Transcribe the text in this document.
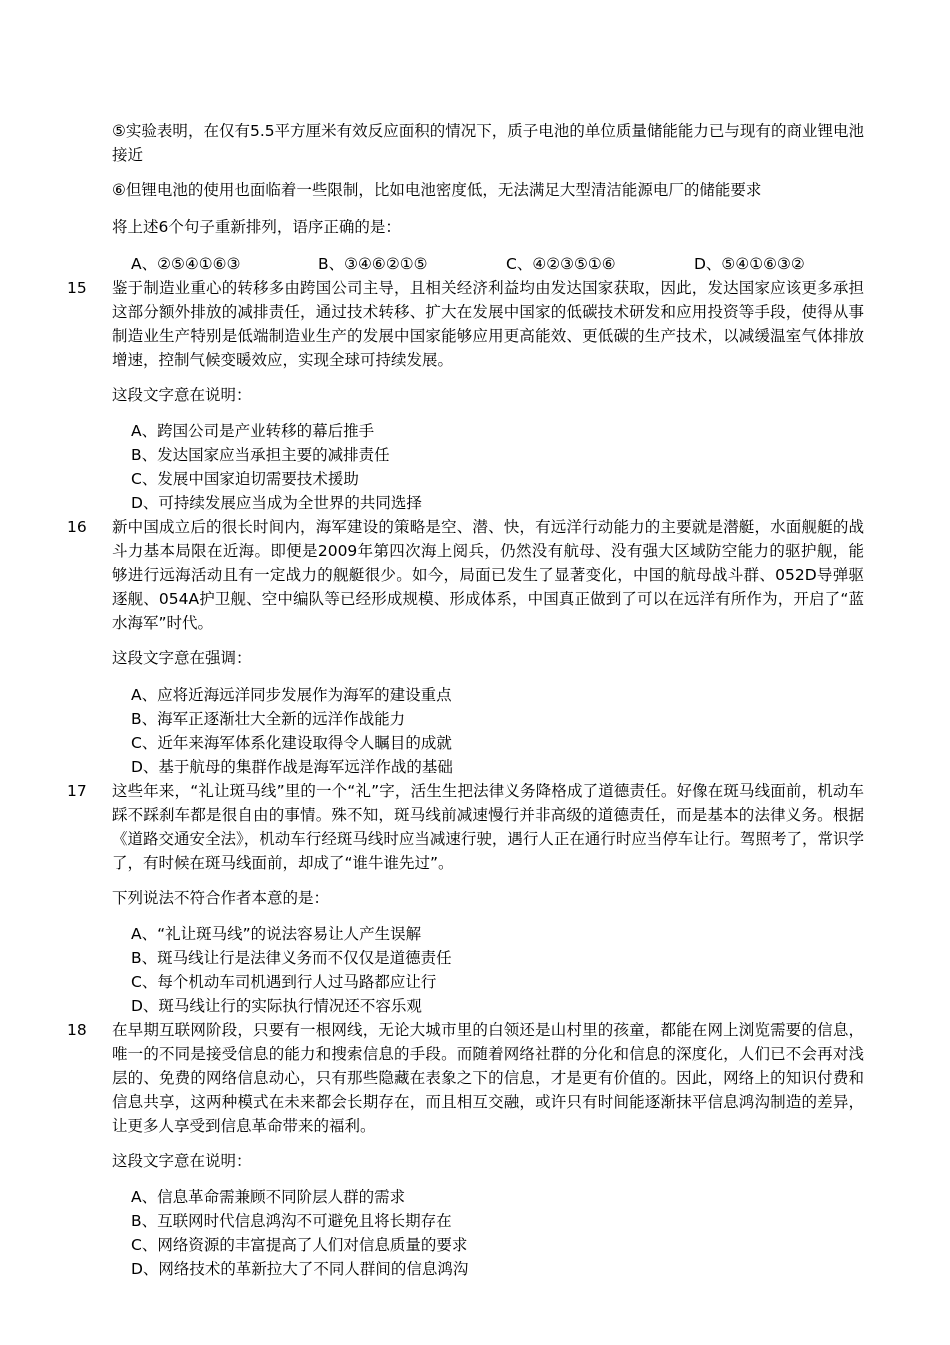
⑤实验表明，在仅有5.5平方厘米有效反应面积的情况下，质子电池的单位质量储能能力已与现有的商业锂电池接近
⑥但锂电池的使用也面临着一些限制，比如电池密度低，无法满足大型清洁能源电厂的储能要求
将上述6个句子重新排列，语序正确的是：
A、②⑤④①⑥③	B、③④⑥②①⑤	C、④②③⑤①⑥	D、⑤④①⑥③②
15 鉴于制造业重心的转移多由跨国公司主导，且相关经济利益均由发达国家获取，因此，发达国家应该更多承担这部分额外排放的减排责任，通过技术转移、扩大在发展中国家的低碳技术研发和应用投资等手段，使得从事制造业生产特别是低端制造业生产的发展中国家能够应用更高能效、更低碳的生产技术，以减缓温室气体排放增速，控制气候变暖效应，实现全球可持续发展。
这段文字意在说明：
A、跨国公司是产业转移的幕后推手
B、发达国家应当承担主要的减排责任
C、发展中国家迫切需要技术援助
D、可持续发展应当成为全世界的共同选择
16 新中国成立后的很长时间内，海军建设的策略是空、潜、快，有远洋行动能力的主要就是潜艇，水面舰艇的战斗力基本局限在近海。即便是2009年第四次海上阅兵，仍然没有航母、没有强大区域防空能力的驱护舰，能够进行远海活动且有一定战力的舰艇很少。如今，局面已发生了显著变化，中国的航母战斗群、052D导弹驱逐舰、054A护卫舰、空中编队等已经形成规模、形成体系，中国真正做到了可以在远洋有所作为，开启了“蓝水海军”时代。
这段文字意在强调：
A、应将近海远洋同步发展作为海军的建设重点
B、海军正逐渐壮大全新的远洋作战能力
C、近年来海军体系化建设取得令人瞩目的成就
D、基于航母的集群作战是海军远洋作战的基础
17 这些年来，“礼让斑马线”里的一个“礼”字，活生生把法律义务降格成了道德责任。好像在斑马线面前，机动车踩不踩刹车都是很自由的事情。殊不知，斑马线前减速慢行并非高级的道德责任，而是基本的法律义务。根据《道路交通安全法》，机动车行经斑马线时应当减速行驶，遇行人正在通行时应当停车让行。驾照考了，常识学了，有时候在斑马线面前，却成了“谁牛谁先过”。
下列说法不符合作者本意的是：
A、“礼让斑马线”的说法容易让人产生误解
B、斑马线让行是法律义务而不仅仅是道德责任
C、每个机动车司机遇到行人过马路都应让行
D、斑马线让行的实际执行情况还不容乐观
18 在早期互联网阶段，只要有一根网线，无论大城市里的白领还是山村里的孩童，都能在网上浏览需要的信息，唯一的不同是接受信息的能力和搜索信息的手段。而随着网络社群的分化和信息的深度化，人们已不会再对浅层的、免费的网络信息动心，只有那些隐藏在表象之下的信息，才是更有价值的。因此，网络上的知识付费和信息共享，这两种模式在未来都会长期存在，而且相互交融，或许只有时间能逐渐抹平信息鸿沟制造的差异，让更多人享受到信息革命带来的福利。
这段文字意在说明：
A、信息革命需兼顾不同阶层人群的需求
B、互联网时代信息鸿沟不可避免且将长期存在
C、网络资源的丰富提高了人们对信息质量的要求
D、网络技术的革新拉大了不同人群间的信息鸿沟
